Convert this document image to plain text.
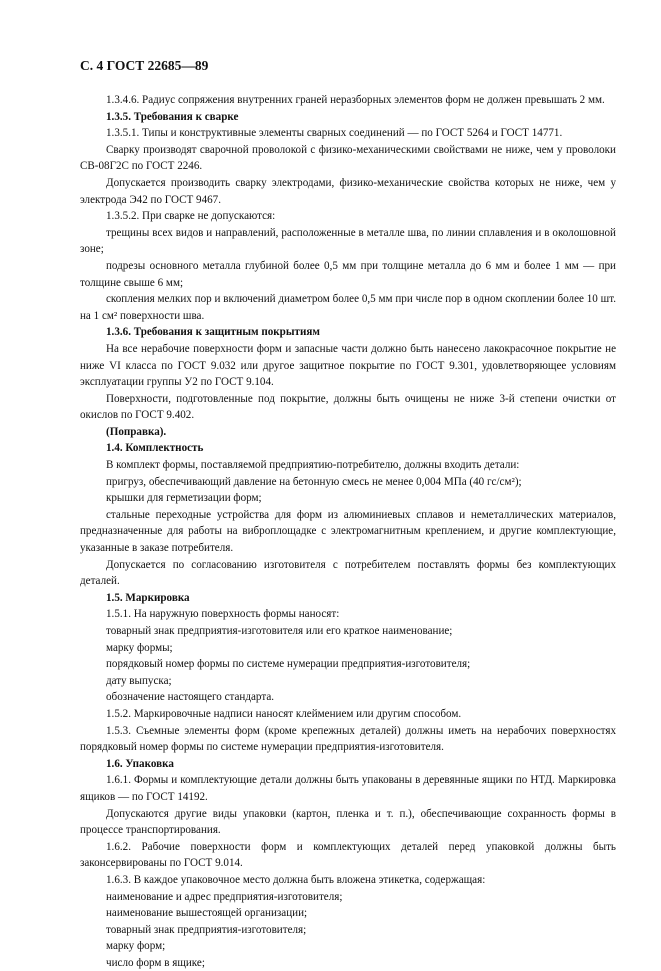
С. 4 ГОСТ 22685—89

1.3.4.6. Радиус сопряжения внутренних граней неразборных элементов форм не должен превышать 2 мм.

1.3.5. Требования к сварке

1.3.5.1. Типы и конструктивные элементы сварных соединений — по ГОСТ 5264 и ГОСТ 14771.

Сварку производят сварочной проволокой с физико-механическими свойствами не ниже, чем у проволоки СВ-08Г2С по ГОСТ 2246.

Допускается производить сварку электродами, физико-механические свойства которых не ниже, чем у электрода Э42 по ГОСТ 9467.

1.3.5.2. При сварке не допускаются:

трещины всех видов и направлений, расположенные в металле шва, по линии сплавления и в околошовной зоне;

подрезы основного металла глубиной более 0,5 мм при толщине металла до 6 мм и более 1 мм — при толщине свыше 6 мм;

скопления мелких пор и включений диаметром более 0,5 мм при числе пор в одном скоплении более 10 шт. на 1 см² поверхности шва.

1.3.6. Требования к защитным покрытиям

На все нерабочие поверхности форм и запасные части должно быть нанесено лакокрасочное покрытие не ниже VI класса по ГОСТ 9.032 или другое защитное покрытие по ГОСТ 9.301, удовлетворяющее условиям эксплуатации группы У2 по ГОСТ 9.104.

Поверхности, подготовленные под покрытие, должны быть очищены не ниже 3-й степени очистки от окислов по ГОСТ 9.402.

(Поправка).

1.4. Комплектность

В комплект формы, поставляемой предприятию-потребителю, должны входить детали:

пригруз, обеспечивающий давление на бетонную смесь не менее 0,004 МПа (40 гс/см²);

крышки для герметизации форм;

стальные переходные устройства для форм из алюминиевых сплавов и неметаллических материалов, предназначенные для работы на виброплощадке с электромагнитным креплением, и другие комплектующие, указанные в заказе потребителя.

Допускается по согласованию изготовителя с потребителем поставлять формы без комплектующих деталей.

1.5. Маркировка

1.5.1. На наружную поверхность формы наносят:

товарный знак предприятия-изготовителя или его краткое наименование;

марку формы;

порядковый номер формы по системе нумерации предприятия-изготовителя;

дату выпуска;

обозначение настоящего стандарта.

1.5.2. Маркировочные надписи наносят клеймением или другим способом.

1.5.3. Съемные элементы форм (кроме крепежных деталей) должны иметь на нерабочих поверхностях порядковый номер формы по системе нумерации предприятия-изготовителя.

1.6. Упаковка

1.6.1. Формы и комплектующие детали должны быть упакованы в деревянные ящики по НТД. Маркировка ящиков — по ГОСТ 14192.

Допускаются другие виды упаковки (картон, пленка и т. п.), обеспечивающие сохранность формы в процессе транспортирования.

1.6.2. Рабочие поверхности форм и комплектующих деталей перед упаковкой должны быть законсервированы по ГОСТ 9.014.

1.6.3. В каждое упаковочное место должна быть вложена этикетка, содержащая:

наименование и адрес предприятия-изготовителя;

наименование вышестоящей организации;

товарный знак предприятия-изготовителя;

марку форм;

число форм в ящике;
